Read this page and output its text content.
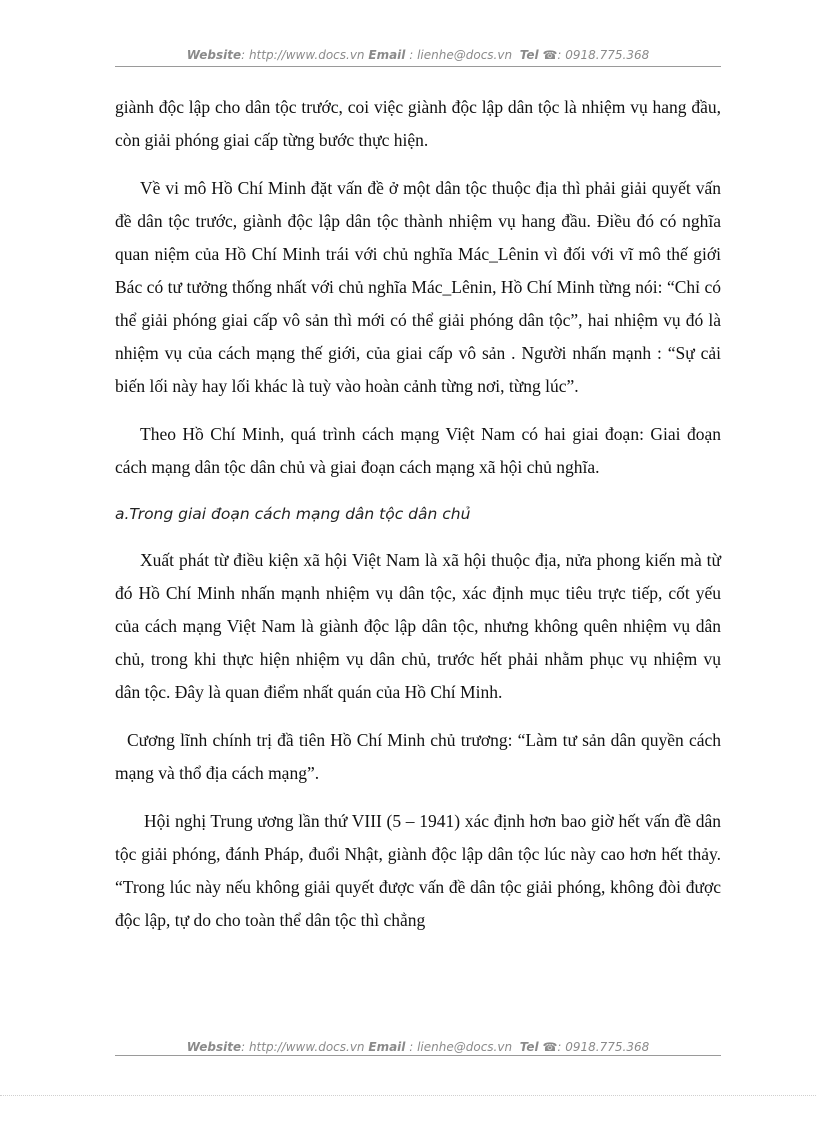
Website: http://www.docs.vn Email : lienhe@docs.vn Tel ☎: 0918.775.368

giành độc lập cho dân tộc trước, coi việc giành độc lập dân tộc là nhiệm vụ hang đầu, còn giải phóng giai cấp từng bước thực hiện.

Về vi mô Hồ Chí Minh đặt vấn đề ở một dân tộc thuộc địa thì phải giải quyết vấn đề dân tộc trước, giành độc lập dân tộc thành nhiệm vụ hang đầu. Điều đó có nghĩa quan niệm của Hồ Chí Minh trái với chủ nghĩa Mác_Lênin vì đối với vĩ mô thế giới Bác có tư tưởng thống nhất với chủ nghĩa Mác_Lênin, Hồ Chí Minh từng nói: “Chỉ có thể giải phóng giai cấp vô sản thì mới có thể giải phóng dân tộc”, hai nhiệm vụ đó là nhiệm vụ của cách mạng thế giới, của giai cấp vô sản . Người nhấn mạnh : “Sự cải biến lối này hay lối khác là tuỳ vào hoàn cảnh từng nơi, từng lúc”.

Theo Hồ Chí Minh, quá trình cách mạng Việt Nam có hai giai đoạn: Giai đoạn cách mạng dân tộc dân chủ và giai đoạn cách mạng xã hội chủ nghĩa.

a.Trong giai đoạn cách mạng dân tộc dân chủ

Xuất phát từ điều kiện xã hội Việt Nam là xã hội thuộc địa, nửa phong kiến mà từ đó Hồ Chí Minh nhấn mạnh nhiệm vụ dân tộc, xác định mục tiêu trực tiếp, cốt yếu của cách mạng Việt Nam là giành độc lập dân tộc, nhưng không quên nhiệm vụ dân chủ, trong khi thực hiện nhiệm vụ dân chủ, trước hết phải nhằm phục vụ nhiệm vụ dân tộc. Đây là quan điểm nhất quán của Hồ Chí Minh.

Cương lĩnh chính trị đầ tiên Hồ Chí Minh chủ trương: “Làm tư sản dân quyền cách mạng và thổ địa cách mạng”.

Hội nghị Trung ương lần thứ VIII (5 – 1941) xác định hơn bao giờ hết vấn đề dân tộc giải phóng, đánh Pháp, đuổi Nhật, giành độc lập dân tộc lúc này cao hơn hết thảy. “Trong lúc này nếu không giải quyết được vấn đề dân tộc giải phóng, không đòi được độc lập, tự do cho toàn thể dân tộc thì chẳng

Website: http://www.docs.vn Email : lienhe@docs.vn Tel ☎: 0918.775.368
